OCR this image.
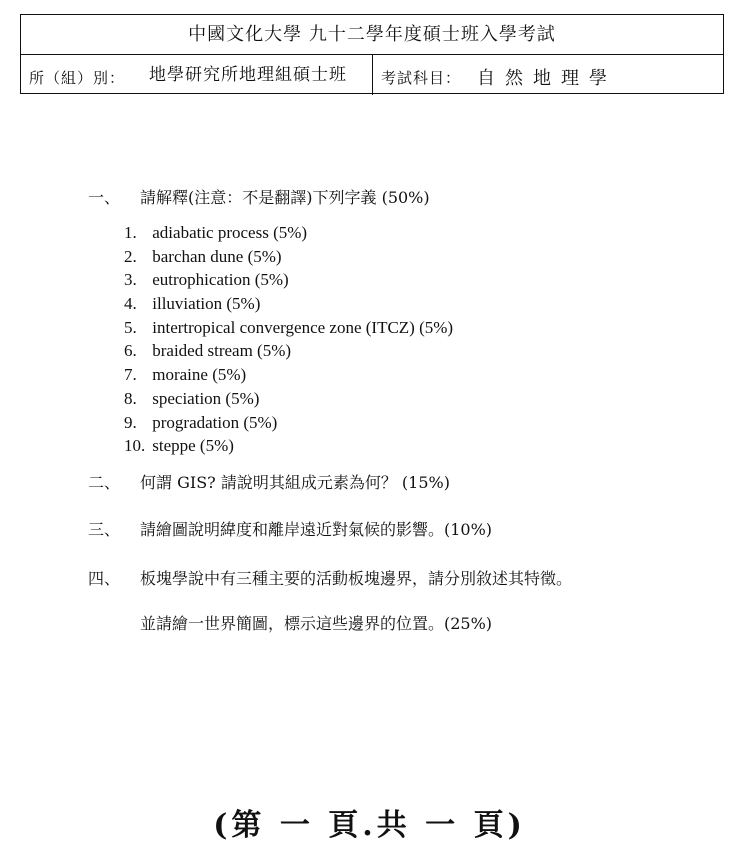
中國文化大學 九十二學年度碩士班入學考試
所（組）別： 地學研究所地理組碩士班 考試科目： 自然地理學
一、 請解釋(注意：不是翻譯)下列字義 (50%)
1. adiabatic process (5%)
2. barchan dune (5%)
3. eutrophication (5%)
4. illuviation (5%)
5. intertropical convergence zone (ITCZ) (5%)
6. braided stream (5%)
7. moraine (5%)
8. speciation (5%)
9. progradation (5%)
10. steppe (5%)
二、 何謂 GIS? 請說明其組成元素為何？ (15%)
三、 請繪圖說明緯度和離岸遠近對氣候的影響。(10%)
四、 板塊學說中有三種主要的活動板塊邊界，請分別敘述其特徵。
並請繪一世界簡圖，標示這些邊界的位置。(25%)
(第 一 頁.共 一 頁)
